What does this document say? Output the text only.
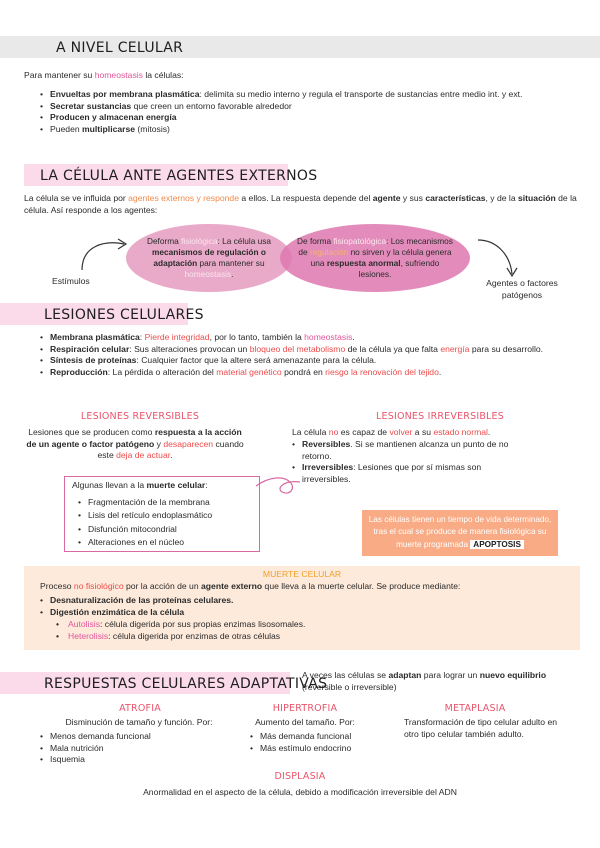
A NIVEL CELULAR

Para mantener su homeostasis la células:

• Envueltas por membrana plasmática: delimita su medio interno y regula el transporte de sustancias entre medio int. y ext.
• Secretar sustancias que creen un entorno favorable alrededor
• Producen y almacenan energía
• Pueden multiplicarse (mitosis)
LA CÉLULA ANTE AGENTES EXTERNOS

La célula se ve influida por agentes externos y responde a ellos. La respuesta depende del agente y sus características, y de la situación de la célula. Así responde a los agentes:

Deforma fisiológica: La célula usa mecanismos de regulación o adaptación para mantener su homeostasis.
De forma fisiopatológica: Los mecanismos de regulación no sirven y la célula genera una respuesta anormal, sufriendo lesiones.
Estímulos	Agentes o factores patógenos
LESIONES CELULARES
• Membrana plasmática: Pierde integridad, por lo tanto, también la homeostasis.
• Respiración celular: Sus alteraciones provocan un bloqueo del metabolismo de la célula ya que falta energía para su desarrollo.
• Síntesis de proteínas: Cualquier factor que la altere será amenazante para la célula.
• Reproducción: La pérdida o alteración del material genético pondrá en riesgo la renovación del tejido.
LESIONES REVERSIBLES

Lesiones que se producen como respuesta a la acción de un agente o factor patógeno y desaparecen cuando este deja de actuar.

LESIONES IRREVERSIBLES

La célula no es capaz de volver a su estado normal.

• Reversibles. Si se mantienen alcanza un punto de no retorno.
• Irreversibles: Lesiones que por sí mismas son irreversibles.

Algunas llevan a la muerte celular:

• Fragmentación de la membrana
• Lisis del retículo endoplasmático
• Disfunción mitocondrial
• Alteraciones en el núcleo
Las células tienen un tiempo de vida determinado, tras el cual se produce de manera fisiológica su muerte programada APOPTOSIS
MUERTE CELULAR

Proceso no fisiológico por la acción de un agente externo que lleva a la muerte celular. Se produce mediante:

• Desnaturalización de las proteínas celulares.
• Digestión enzimática de la célula
• ◦ Autolisis: célula digerida por sus propias enzimas lisosomales.
• ◦ Heterolisis: célula digerida por enzimas de otras células
RESPUESTAS CELULARES ADAPTATIVAS

A veces las células se adaptan para lograr un nuevo equilibrio (reversible o irreversible)

ATROFIA

Disminución de tamaño y función. Por:

• Menos demanda funcional
• Mala nutrición
• Isquemia
HIPERTROFIA

Aumento del tamaño. Por:

• Más demanda funcional
• Más estímulo endocrino
METAPLASIA

Transformación de tipo celular adulto en otro tipo celular también adulto.

DISPLASIA

Anormalidad en el aspecto de la célula, debido a modificación irreversible del ADN
